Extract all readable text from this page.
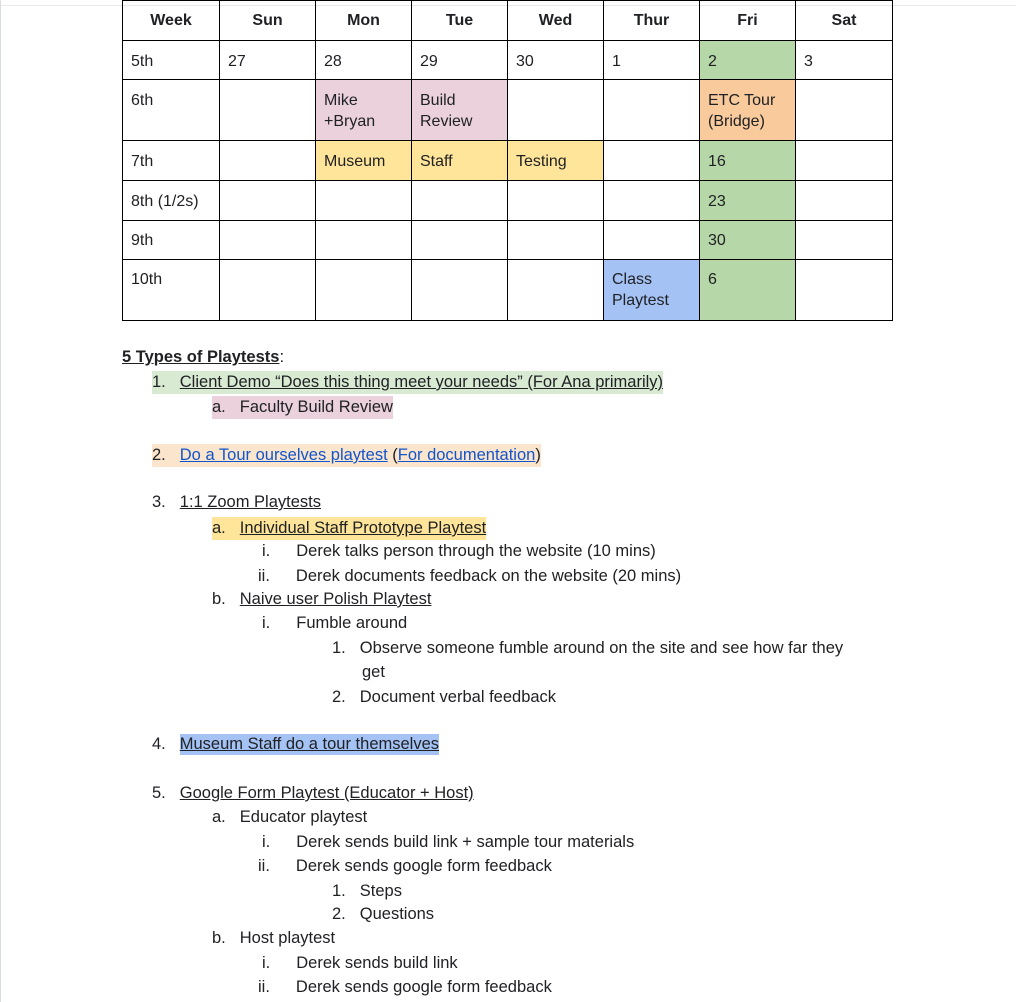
Week	Sun	Mon	Tue	Wed	Thur	Fri	Sat
5th	27	28	29	30	1	2	3
6th		Mike +Bryan	Build Review			ETC Tour (Bridge)	
7th		Museum	Staff	Testing		16	
8th (1/2s)						23	
9th						30	
10th					Class Playtest	6	
5 Types of Playtests:
1. Client Demo “Does this thing meet your needs” (For Ana primarily)
a. Faculty Build Review
2. Do a Tour ourselves playtest (For documentation)
3. 1:1 Zoom Playtests
a. Individual Staff Prototype Playtest
i. Derek talks person through the website (10 mins)
ii. Derek documents feedback on the website (20 mins)
b. Naive user Polish Playtest
i. Fumble around
1. Observe someone fumble around on the site and see how far they
get
2. Document verbal feedback
4. Museum Staff do a tour themselves
5. Google Form Playtest (Educator + Host)
a. Educator playtest
i. Derek sends build link + sample tour materials
ii. Derek sends google form feedback
1. Steps
2. Questions
b. Host playtest
i. Derek sends build link
ii. Derek sends google form feedback
